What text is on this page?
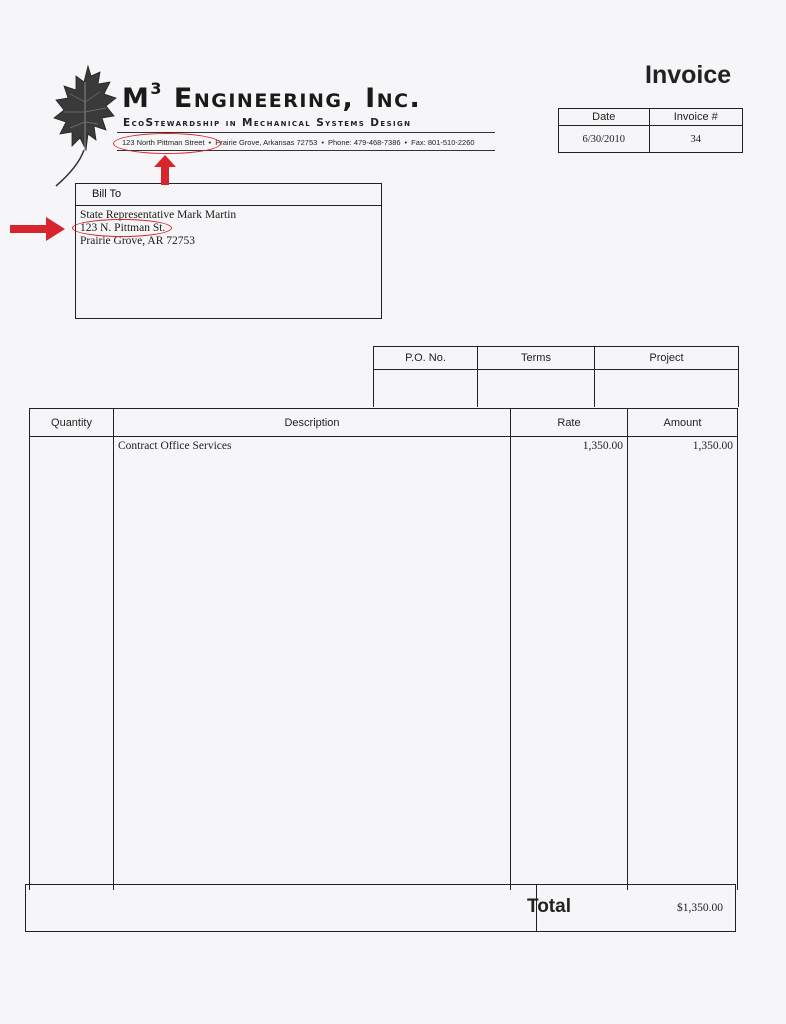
$M^3$ Engineering, Inc.
EcoStewardship in Mechanical Systems Design
123 North Pittman Street • Prairie Grove, Arkansas 72753 • Phone: 479-468-7386 • Fax: 801-510-2260
Invoice
Date	Invoice #
6/30/2010	34
Bill To
State Representative Mark Martin
123 N. Pittman St.
Prairie Grove, AR 72753
P.O. No.	Terms	Project

Quantity	Description	Rate	Amount
	Contract Office Services	1,350.00	1,350.00
Total	$1,350.00
